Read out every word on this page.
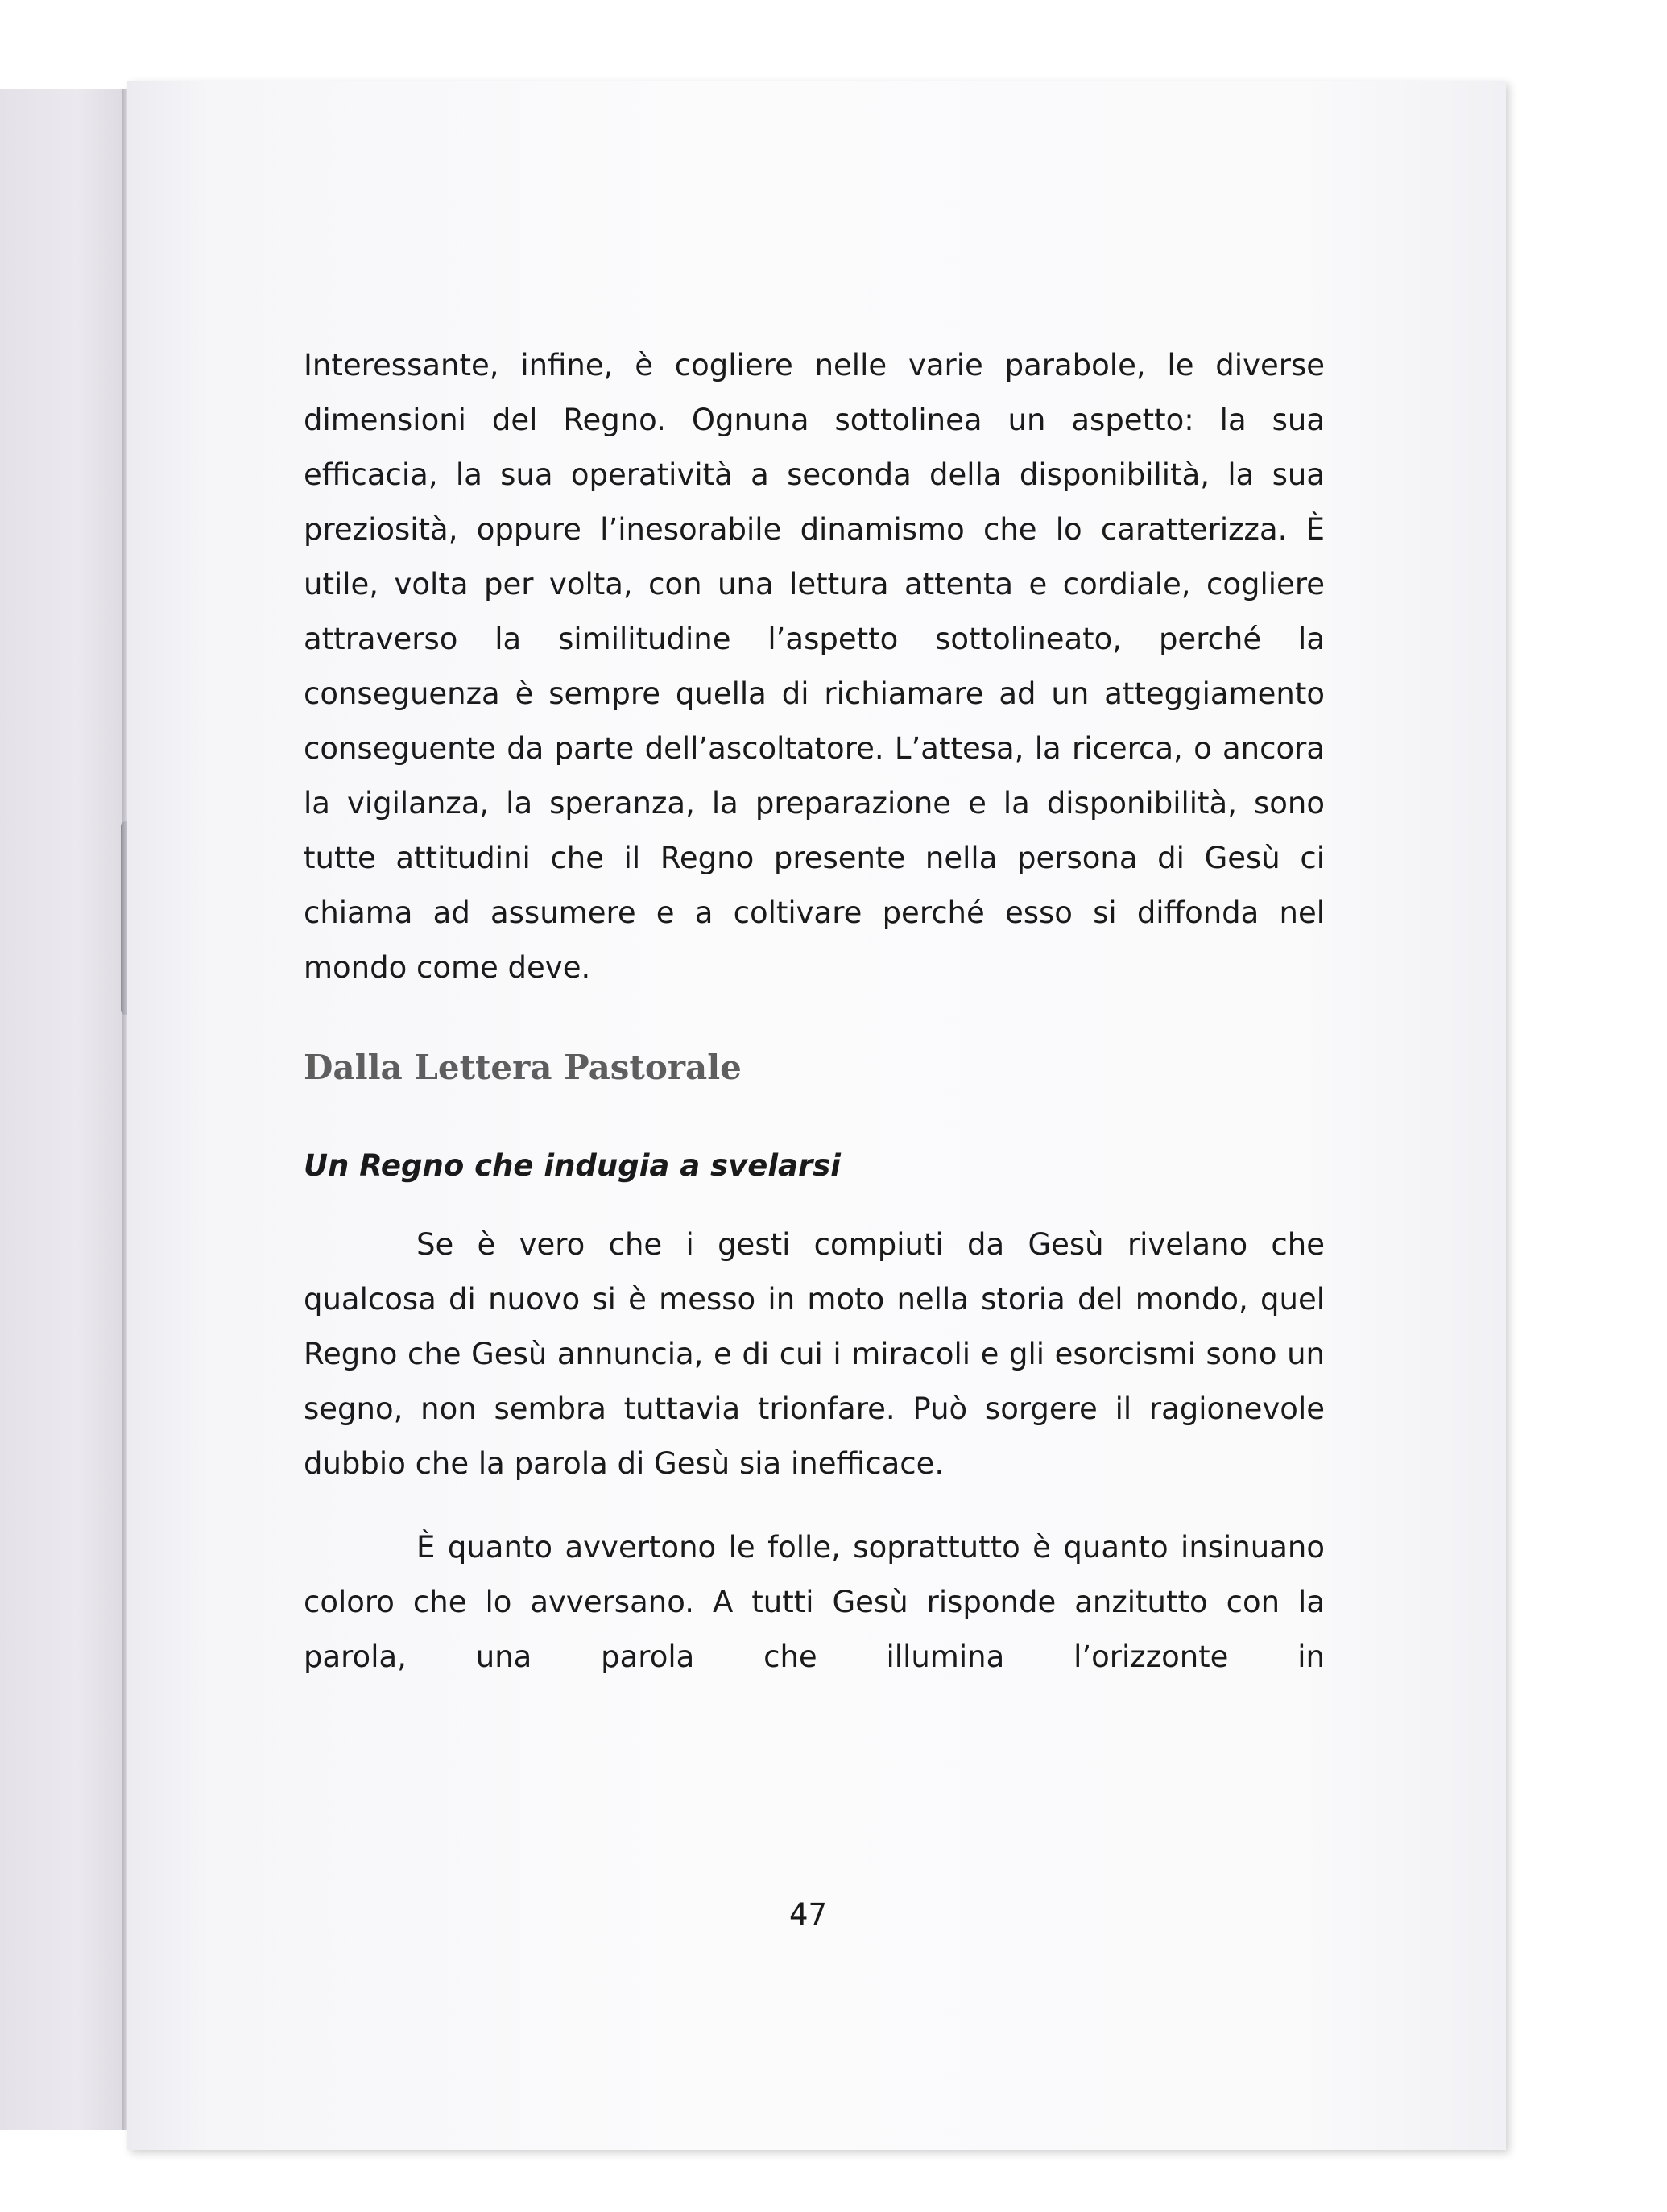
Interessante, infine, è cogliere nelle varie parabole, le diverse dimensioni del Regno. Ognuna sottolinea un aspetto: la sua efficacia, la sua operatività a seconda della disponibilità, la sua preziosità, oppure l’inesorabile dinamismo che lo caratterizza. È utile, volta per volta, con una lettura attenta e cordiale, cogliere attraverso la similitudine l’aspetto sottolineato, perché la conseguenza è sempre quella di richiamare ad un atteggiamento conseguente da parte dell’ascoltatore. L’attesa, la ricerca, o ancora la vigilanza, la speranza, la preparazione e la disponibilità, sono tutte attitudini che il Regno presente nella persona di Gesù ci chiama ad assumere e a coltivare perché esso si diffonda nel mondo come deve.

Dalla Lettera Pastorale
Un Regno che indugia a svelarsi

Se è vero che i gesti compiuti da Gesù rivelano che qualcosa di nuovo si è messo in moto nella storia del mondo, quel Regno che Gesù annuncia, e di cui i miracoli e gli esorcismi sono un segno, non sembra tuttavia trionfare. Può sorgere il ragionevole dubbio che la parola di Gesù sia inefficace.

È quanto avvertono le folle, soprattutto è quanto insinuano coloro che lo avversano. A tutti Gesù risponde anzitutto con la parola, una parola che illumina l’orizzonte in

47
